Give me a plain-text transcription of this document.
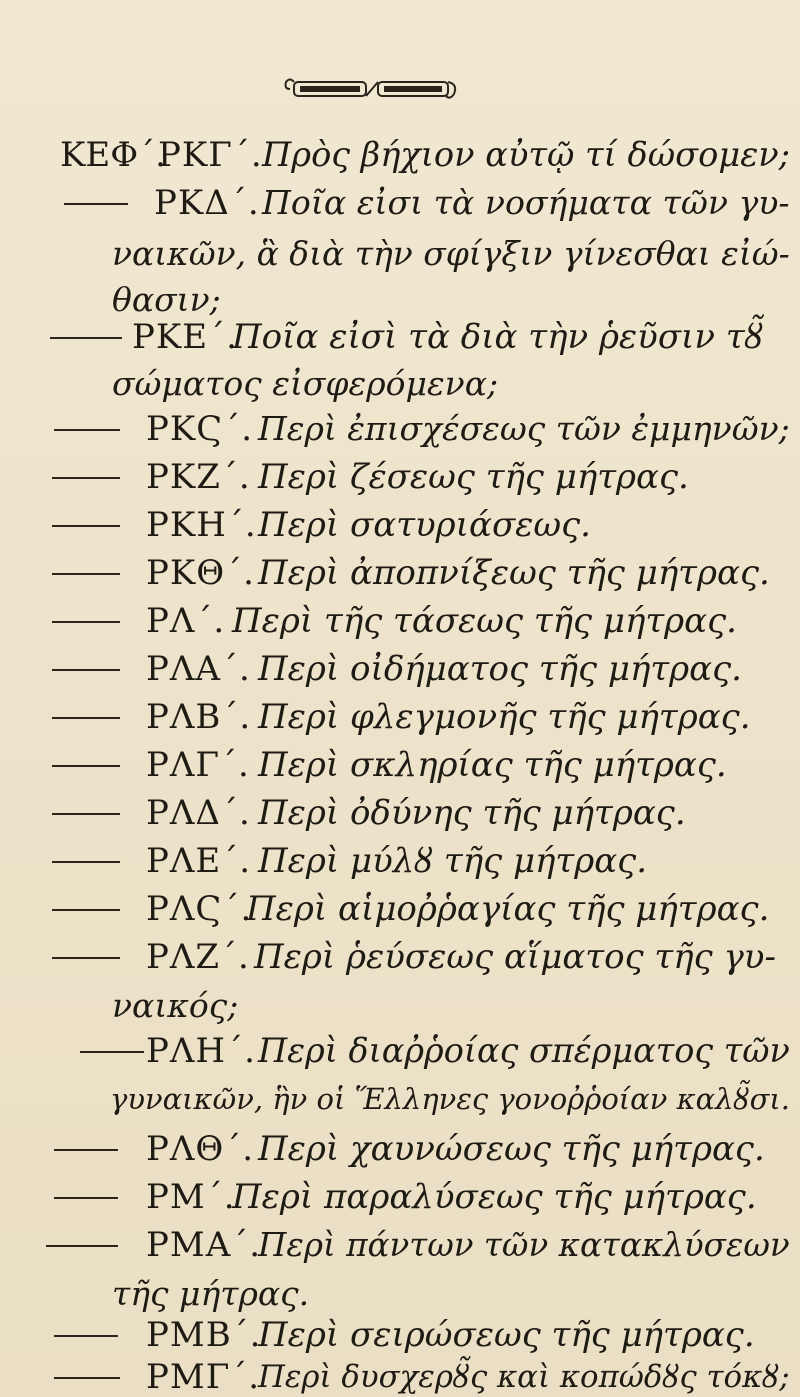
ΚΕΦ΄.
ΡΚΓ΄. Πρὸς βήχιον αὐτῷ τί δώσομεν;
ΡΚΔ΄. Ποῖα εἰσι τὰ νοσήματα τῶν γυ-
ναικῶν, ἃ διὰ τὴν σφίγξιν γίνεσθαι εἰώ-
θασιν;
ΡΚΕ΄.
Ποῖα εἰσὶ τὰ διὰ τὴν ῥεῦσιν τȣ̃
σώματος εἰσφερόμενα;
ΡΚϚ΄. Περὶ ἐπισχέσεως τῶν ἐμμηνῶν;
ΡΚΖ΄. Περὶ ζέσεως τῆς μήτρας.
ΡΚΗ΄. Περὶ σατυριάσεως.
ΡΚΘ΄. Περὶ ἀποπνίξεως τῆς μήτρας.
ΡΛ΄. Περὶ τῆς τάσεως τῆς μήτρας.
ΡΛΑ΄. Περὶ οἰδήματος τῆς μήτρας.
ΡΛΒ΄. Περὶ φλεγμονῆς τῆς μήτρας.
ΡΛΓ΄. Περὶ σκληρίας τῆς μήτρας.
ΡΛΔ΄. Περὶ ὀδύνης τῆς μήτρας.
ΡΛΕ΄. Περὶ μύλȣ τῆς μήτρας.
ΡΛϚ΄.
Περὶ αἱμοῤῥαγίας τῆς μήτρας.
ΡΛΖ΄. Περὶ ῥεύσεως αἵματος τῆς γυ-
ναικός;
ΡΛΗ΄. Περὶ διαῤῥοίας σπέρματος τῶν
γυναικῶν, ἣν οἱ Ἕλληνες γονοῤῥοίαν καλȣ̃σι.
ΡΛΘ΄. Περὶ χαυνώσεως τῆς μήτρας.
ΡΜ΄.
Περὶ παραλύσεως τῆς μήτρας.
ΡΜΑ΄.
Περὶ πάντων τῶν κατακλύσεων
τῆς μήτρας.
ΡΜΒ΄.
Περὶ σειρώσεως τῆς μήτρας.
ΡΜΓ΄.
Περὶ δυσχερȣ̃ς καὶ κοπώδȣς τόκȣ;
